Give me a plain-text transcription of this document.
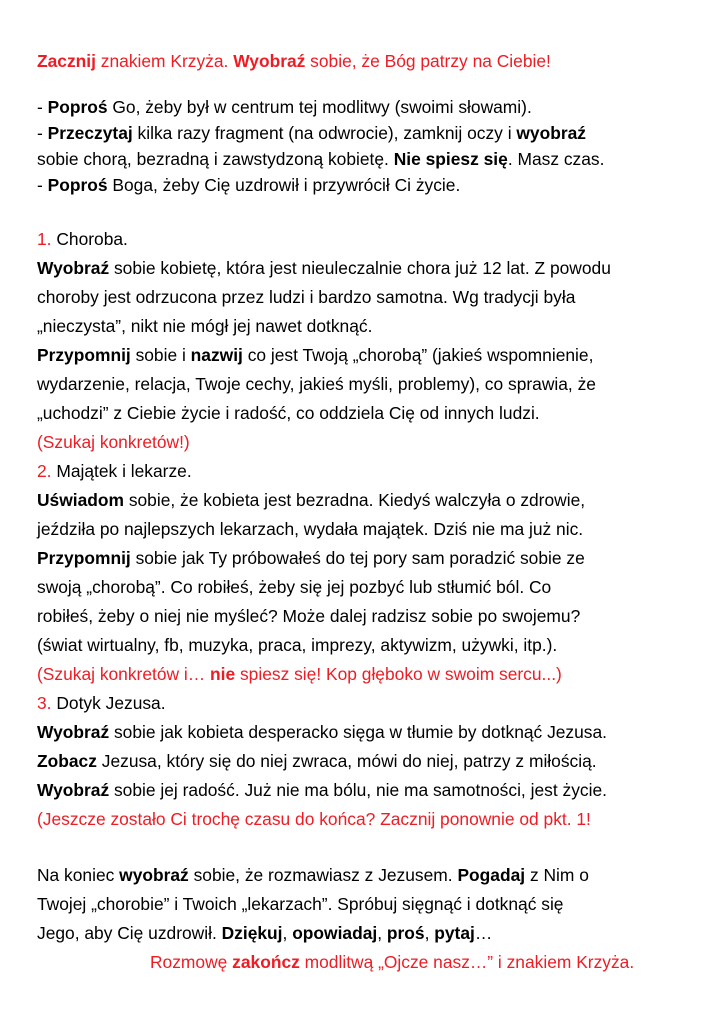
Zacznij znakiem Krzyża. Wyobraź sobie, że Bóg patrzy na Ciebie!
- Poproś Go, żeby był w centrum tej modlitwy (swoimi słowami).
- Przeczytaj kilka razy fragment (na odwrocie), zamknij oczy i wyobraź
sobie chorą, bezradną i zawstydzoną kobietę. Nie spiesz się. Masz czas.
- Poproś Boga, żeby Cię uzdrowił i przywrócił Ci życie.
1. Choroba.
Wyobraź sobie kobietę, która jest nieuleczalnie chora już 12 lat. Z powodu
choroby jest odrzucona przez ludzi i bardzo samotna. Wg tradycji była
„nieczysta”, nikt nie mógł jej nawet dotknąć.
Przypomnij sobie i nazwij co jest Twoją „chorobą” (jakieś wspomnienie,
wydarzenie, relacja, Twoje cechy, jakieś myśli, problemy), co sprawia, że
„uchodzi” z Ciebie życie i radość, co oddziela Cię od innych ludzi.
(Szukaj konkretów!)
2. Majątek i lekarze.
Uświadom sobie, że kobieta jest bezradna. Kiedyś walczyła o zdrowie,
jeździła po najlepszych lekarzach, wydała majątek. Dziś nie ma już nic.
Przypomnij sobie jak Ty próbowałeś do tej pory sam poradzić sobie ze
swoją „chorobą”. Co robiłeś, żeby się jej pozbyć lub stłumić ból. Co
robiłeś, żeby o niej nie myśleć? Może dalej radzisz sobie po swojemu?
(świat wirtualny, fb, muzyka, praca, imprezy, aktywizm, używki, itp.).
(Szukaj konkretów i… nie spiesz się! Kop głęboko w swoim sercu...)
3. Dotyk Jezusa.
Wyobraź sobie jak kobieta desperacko sięga w tłumie by dotknąć Jezusa.
Zobacz Jezusa, który się do niej zwraca, mówi do niej, patrzy z miłością.
Wyobraź sobie jej radość. Już nie ma bólu, nie ma samotności, jest życie.
(Jeszcze zostało Ci trochę czasu do końca? Zacznij ponownie od pkt. 1!
Na koniec wyobraź sobie, że rozmawiasz z Jezusem. Pogadaj z Nim o
Twojej „chorobie” i Twoich „lekarzach”. Spróbuj sięgnąć i dotknąć się
Jego, aby Cię uzdrowił. Dziękuj, opowiadaj, proś, pytaj…
Rozmowę zakończ modlitwą „Ojcze nasz…” i znakiem Krzyża.
